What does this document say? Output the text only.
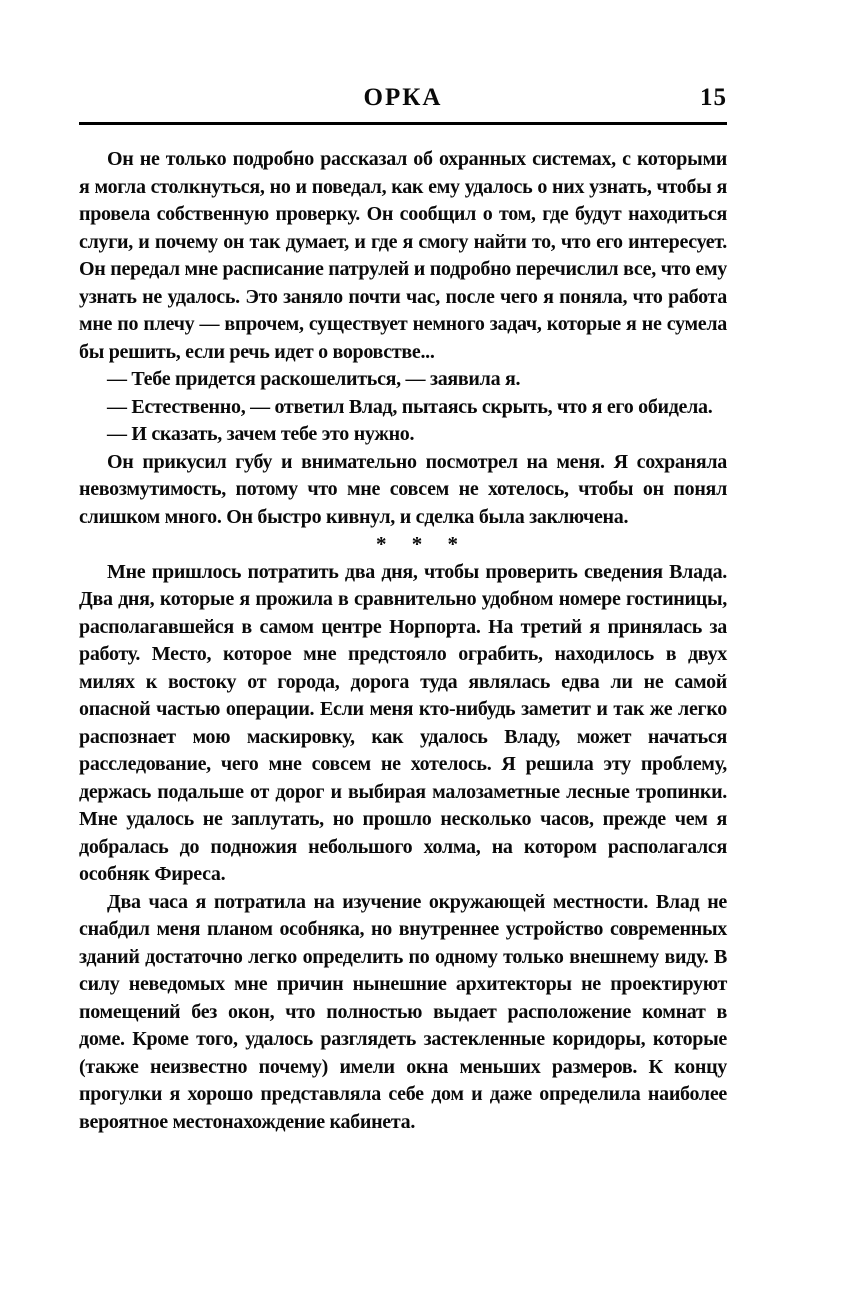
ОРКА	15

Он не только подробно рассказал об охранных системах, с которыми я могла столкнуться, но и поведал, как ему удалось о них узнать, чтобы я провела собственную проверку. Он сообщил о том, где будут находиться слуги, и почему он так думает, и где я смогу найти то, что его интересует. Он передал мне расписание патрулей и подробно перечислил все, что ему узнать не удалось. Это заняло почти час, после чего я поняла, что работа мне по плечу — впрочем, существует немного задач, которые я не сумела бы решить, если речь идет о воровстве...

— Тебе придется раскошелиться, — заявила я.

— Естественно, — ответил Влад, пытаясь скрыть, что я его обидела.

— И сказать, зачем тебе это нужно.

Он прикусил губу и внимательно посмотрел на меня. Я сохраняла невозмутимость, потому что мне совсем не хотелось, чтобы он понял слишком много. Он быстро кивнул, и сделка была заключена.

* * *

Мне пришлось потратить два дня, чтобы проверить сведения Влада. Два дня, которые я прожила в сравнительно удобном номере гостиницы, располагавшейся в самом центре Норпорта. На третий я принялась за работу. Место, которое мне предстояло ограбить, находилось в двух милях к востоку от города, дорога туда являлась едва ли не самой опасной частью операции. Если меня кто-нибудь заметит и так же легко распознает мою маскировку, как удалось Владу, может начаться расследование, чего мне совсем не хотелось. Я решила эту проблему, держась подальше от дорог и выбирая малозаметные лесные тропинки. Мне удалось не заплутать, но прошло несколько часов, прежде чем я добралась до подножия небольшого холма, на котором располагался особняк Фиреса.

Два часа я потратила на изучение окружающей местности. Влад не снабдил меня планом особняка, но внутреннее устройство современных зданий достаточно легко определить по одному только внешнему виду. В силу неведомых мне причин нынешние архитекторы не проектируют помещений без окон, что полностью выдает расположение комнат в доме. Кроме того, удалось разглядеть застекленные коридоры, которые (также неизвестно почему) имели окна меньших размеров. К концу прогулки я хорошо представляла себе дом и даже определила наиболее вероятное местонахождение кабинета.
